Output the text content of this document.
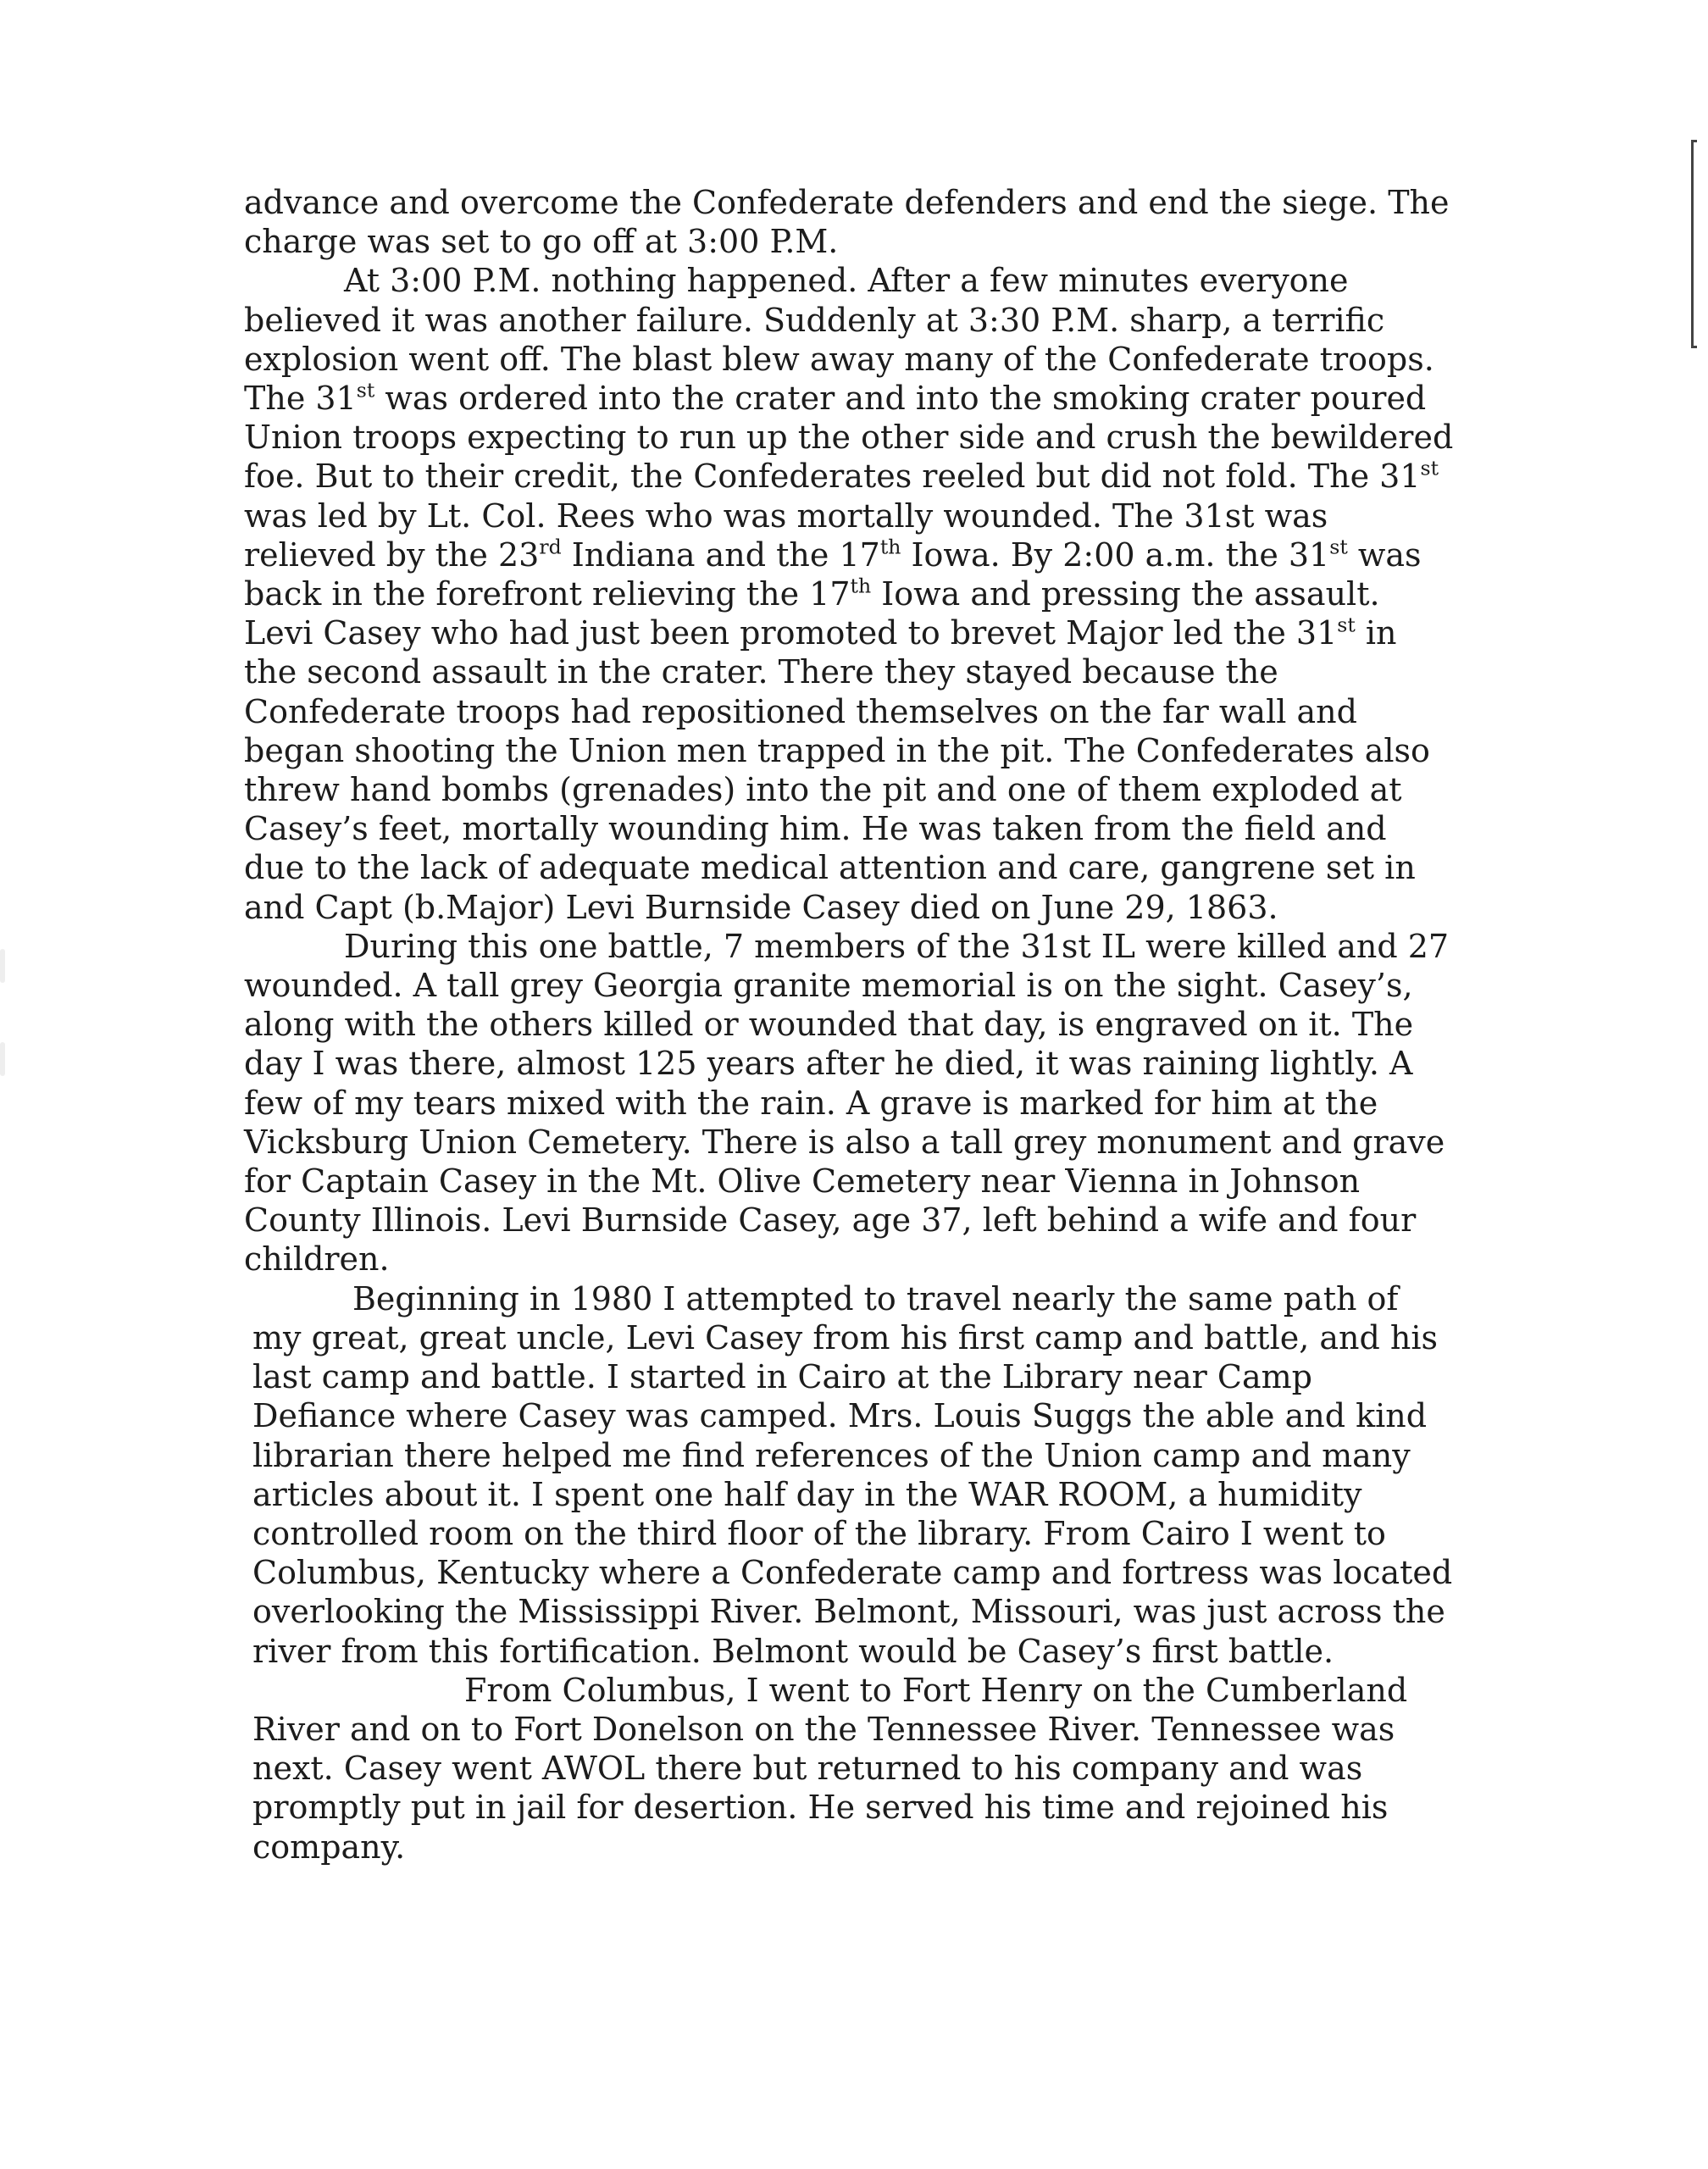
advance and overcome the Confederate defenders and end the siege. The charge was set to go off at 3:00 P.M.

At 3:00 P.M. nothing happened. After a few minutes everyone believed it was another failure. Suddenly at 3:30 P.M. sharp, a terrific explosion went off. The blast blew away many of the Confederate troops. The 31st was ordered into the crater and into the smoking crater poured Union troops expecting to run up the other side and crush the bewildered foe. But to their credit, the Confederates reeled but did not fold. The 31st was led by Lt. Col. Rees who was mortally wounded. The 31st was relieved by the 23rd Indiana and the 17th Iowa. By 2:00 a.m. the 31st was back in the forefront relieving the 17th Iowa and pressing the assault. Levi Casey who had just been promoted to brevet Major led the 31st in the second assault in the crater. There they stayed because the Confederate troops had repositioned themselves on the far wall and began shooting the Union men trapped in the pit. The Confederates also threw hand bombs (grenades) into the pit and one of them exploded at Casey’s feet, mortally wounding him. He was taken from the field and due to the lack of adequate medical attention and care, gangrene set in and Capt (b.Major) Levi Burnside Casey died on June 29, 1863.

During this one battle, 7 members of the 31st IL were killed and 27 wounded. A tall grey Georgia granite memorial is on the sight. Casey’s, along with the others killed or wounded that day, is engraved on it. The day I was there, almost 125 years after he died, it was raining lightly. A few of my tears mixed with the rain. A grave is marked for him at the Vicksburg Union Cemetery. There is also a tall grey monument and grave for Captain Casey in the Mt. Olive Cemetery near Vienna in Johnson County Illinois. Levi Burnside Casey, age 37, left behind a wife and four children.

Beginning in 1980 I attempted to travel nearly the same path of my great, great uncle, Levi Casey from his first camp and battle, and his last camp and battle. I started in Cairo at the Library near Camp Defiance where Casey was camped. Mrs. Louis Suggs the able and kind librarian there helped me find references of the Union camp and many articles about it. I spent one half day in the WAR ROOM, a humidity controlled room on the third floor of the library. From Cairo I went to Columbus, Kentucky where a Confederate camp and fortress was located overlooking the Mississippi River. Belmont, Missouri, was just across the river from this fortification. Belmont would be Casey’s first battle.

From Columbus, I went to Fort Henry on the Cumberland River and on to Fort Donelson on the Tennessee River. Tennessee was next. Casey went AWOL there but returned to his company and was promptly put in jail for desertion. He served his time and rejoined his company.
